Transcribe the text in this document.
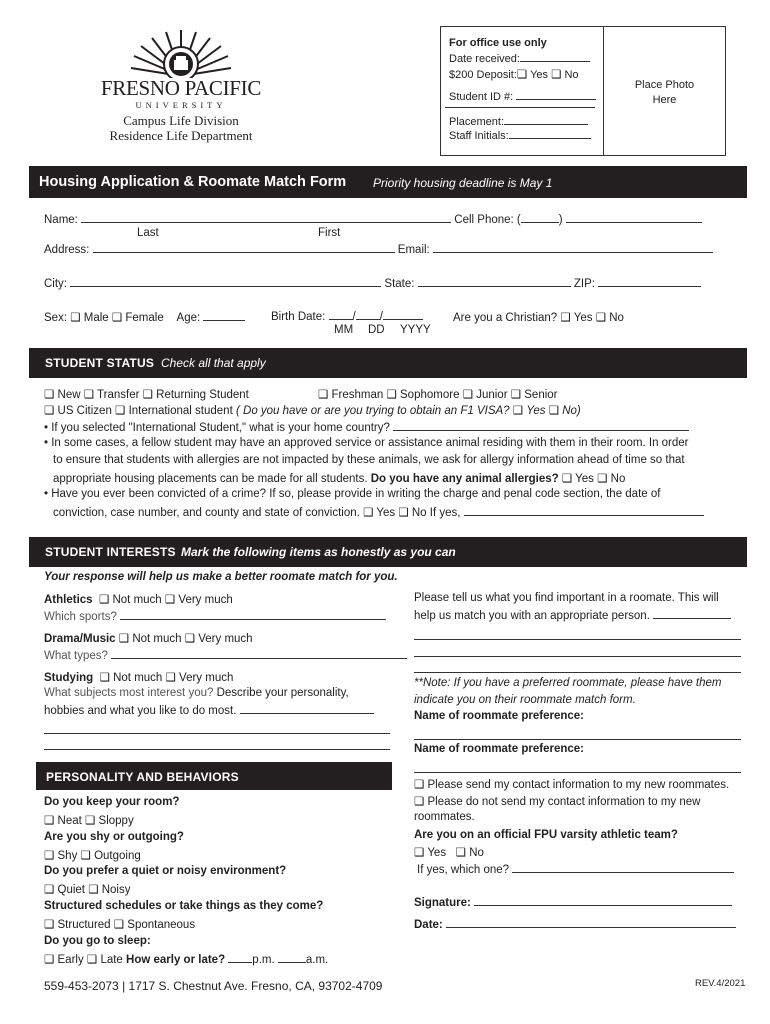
FRESNO PACIFIC
UNIVERSITY
Campus Life Division
Residence Life Department
For office use only
Date received:
$200 Deposit: ❑ Yes ❑ No
Student ID #:
Placement:
Staff Initials:
Place Photo
Here
Housing Application & Roomate Match Form Priority housing deadline is May 1
Name:	Cell Phone: (	)
Last	First
Address:	Email:
City:	State:	ZIP:
Sex: ❑ Male ❑ Female Age:	Birth Date: / /
MM DD YYYY
Are you a Christian? ❑ Yes ❑ No
STUDENT STATUS Check all that apply
❑ New ❑ Transfer ❑ Returning Student ❑	Freshman ❑ Sophomore ❑ Junior ❑ Senior
❑ US Citizen ❑ International student ( Do you have or are you trying to obtain an F1 VISA? ❑ Yes ❑ No)
• If you selected "International Student," what is your home country?
• In some cases, a fellow student may have an approved service or assistance animal residing with them in their room. In order
to ensure that students with allergies are not impacted by these animals, we ask for allergy information ahead of time so that
appropriate housing placements can be made for all students. Do you have any animal allergies? ❑ Yes ❑ No
• Have you ever been convicted of a crime? If so, please provide in writing the charge and penal code section, the date of
conviction, case number, and county and state of conviction. ❑ Yes ❑ No If yes,
STUDENT INTERESTS Mark the following items as honestly as you can
Your response will help us make a better roomate match for you.
Athletics ❑ Not much ❑ Very much
Which sports?
Drama/Music ❑ Not much ❑ Very much
What types?
Studying ❑ Not much ❑ Very much
What subjects most interest you? Describe your personality,
hobbies and what you like to do most.
Please tell us what you find important in a roomate. This will
help us match you with an appropriate person.
**Note: If you have a preferred roommate, please have them
indicate you on their roommate match form.
Name of roommate preference:
Name of roommate preference:
❑ Please send my contact information to my new roommates.
❑ Please do not send my contact information to my new
roommates.
Are you on an official FPU varsity athletic team?
❑ Yes ❑ No
If yes, which one?
Signature:
Date:
PERSONALITY AND BEHAVIORS
Do you keep your room?
❑ Neat ❑ Sloppy
Are you shy or outgoing?
❑ Shy ❑ Outgoing
Do you prefer a quiet or noisy environment?
❑ Quiet ❑ Noisy
Structured schedules or take things as they come?
❑ Structured ❑ Spontaneous
Do you go to sleep:
❑ Early ❑ Late How early or late? p.m.	a.m.
559-453-2073 | 1717 S. Chestnut Ave. Fresno, CA, 93702-4709	REV.4/2021
